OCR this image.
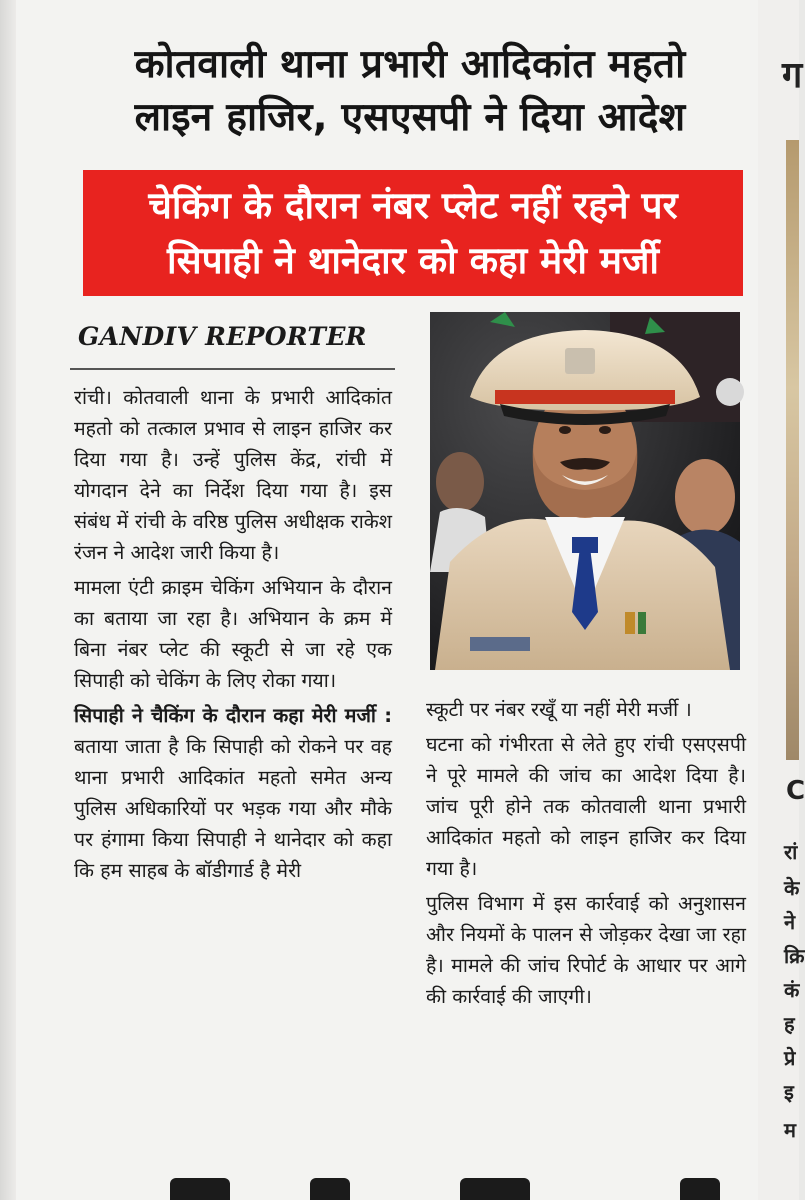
कोतवाली थाना प्रभारी आदिकांत महतो
लाइन हाजिर, एसएसपी ने दिया आदेश
चेकिंग के दौरान नंबर प्लेट नहीं रहने पर
सिपाही ने थानेदार को कहा मेरी मर्जी
GANDIV REPORTER

रांची। कोतवाली थाना के प्रभारी आदिकांत महतो को तत्काल प्रभाव से लाइन हाजिर कर दिया गया है। उन्हें पुलिस केंद्र, रांची में योगदान देने का निर्देश दिया गया है। इस संबंध में रांची के वरिष्ठ पुलिस अधीक्षक राकेश रंजन ने आदेश जारी किया है।

मामला एंटी क्राइम चेकिंग अभियान के दौरान का बताया जा रहा है। अभियान के क्रम में बिना नंबर प्लेट की स्कूटी से जा रहे एक सिपाही को चेकिंग के लिए रोका गया।

सिपाही ने चैकिंग के दौरान कहा मेरी मर्जी : बताया जाता है कि सिपाही को रोकने पर वह थाना प्रभारी आदिकांत महतो समेत अन्य पुलिस अधिकारियों पर भड़क गया और मौके पर हंगामा किया सिपाही ने थानेदार को कहा कि हम साहब के बॉडीगार्ड है मेरी

स्कूटी पर नंबर रखूँ या नहीं मेरी मर्जी ।

घटना को गंभीरता से लेते हुए रांची एसएसपी ने पूरे मामले की जांच का आदेश दिया है। जांच पूरी होने तक कोतवाली थाना प्रभारी आदिकांत महतो को लाइन हाजिर कर दिया गया है।

पुलिस विभाग में इस कार्रवाई को अनुशासन और नियमों के पालन से जोड़कर देखा जा रहा है। मामले की जांच रिपोर्ट के आधार पर आगे की कार्रवाई की जाएगी।

ग
C
रां
के
ने
क्रि
कं
ह
प्रे
इ
म
